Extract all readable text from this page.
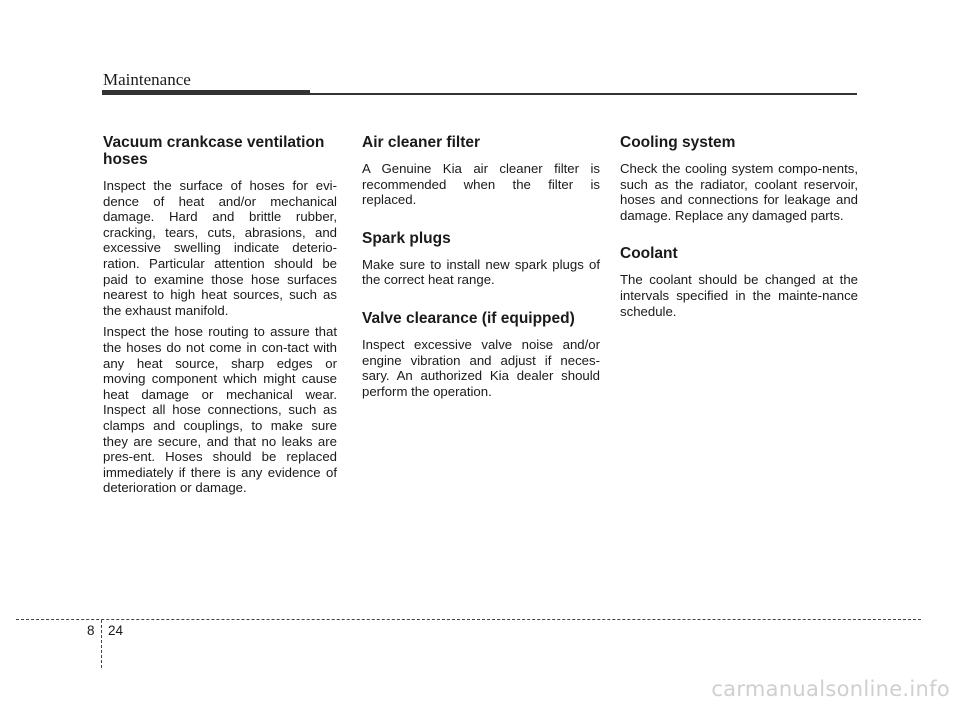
Maintenance
Vacuum crankcase ventilation hoses

Inspect the surface of hoses for evi-dence of heat and/or mechanical damage. Hard and brittle rubber, cracking, tears, cuts, abrasions, and excessive swelling indicate deterio-ration. Particular attention should be paid to examine those hose surfaces nearest to high heat sources, such as the exhaust manifold.

Inspect the hose routing to assure that the hoses do not come in con-tact with any heat source, sharp edges or moving component which might cause heat damage or mechanical wear. Inspect all hose connections, such as clamps and couplings, to make sure they are secure, and that no leaks are pres-ent. Hoses should be replaced immediately if there is any evidence of deterioration or damage.

Air cleaner filter

A Genuine Kia air cleaner filter is recommended when the filter is replaced.

Spark plugs

Make sure to install new spark plugs of the correct heat range.

Valve clearance (if equipped)

Inspect excessive valve noise and/or engine vibration and adjust if neces-sary. An authorized Kia dealer should perform the operation.

Cooling system

Check the cooling system compo-nents, such as the radiator, coolant reservoir, hoses and connections for leakage and damage. Replace any damaged parts.

Coolant

The coolant should be changed at the intervals specified in the mainte-nance schedule.

8 24
carmanualsonline.info
